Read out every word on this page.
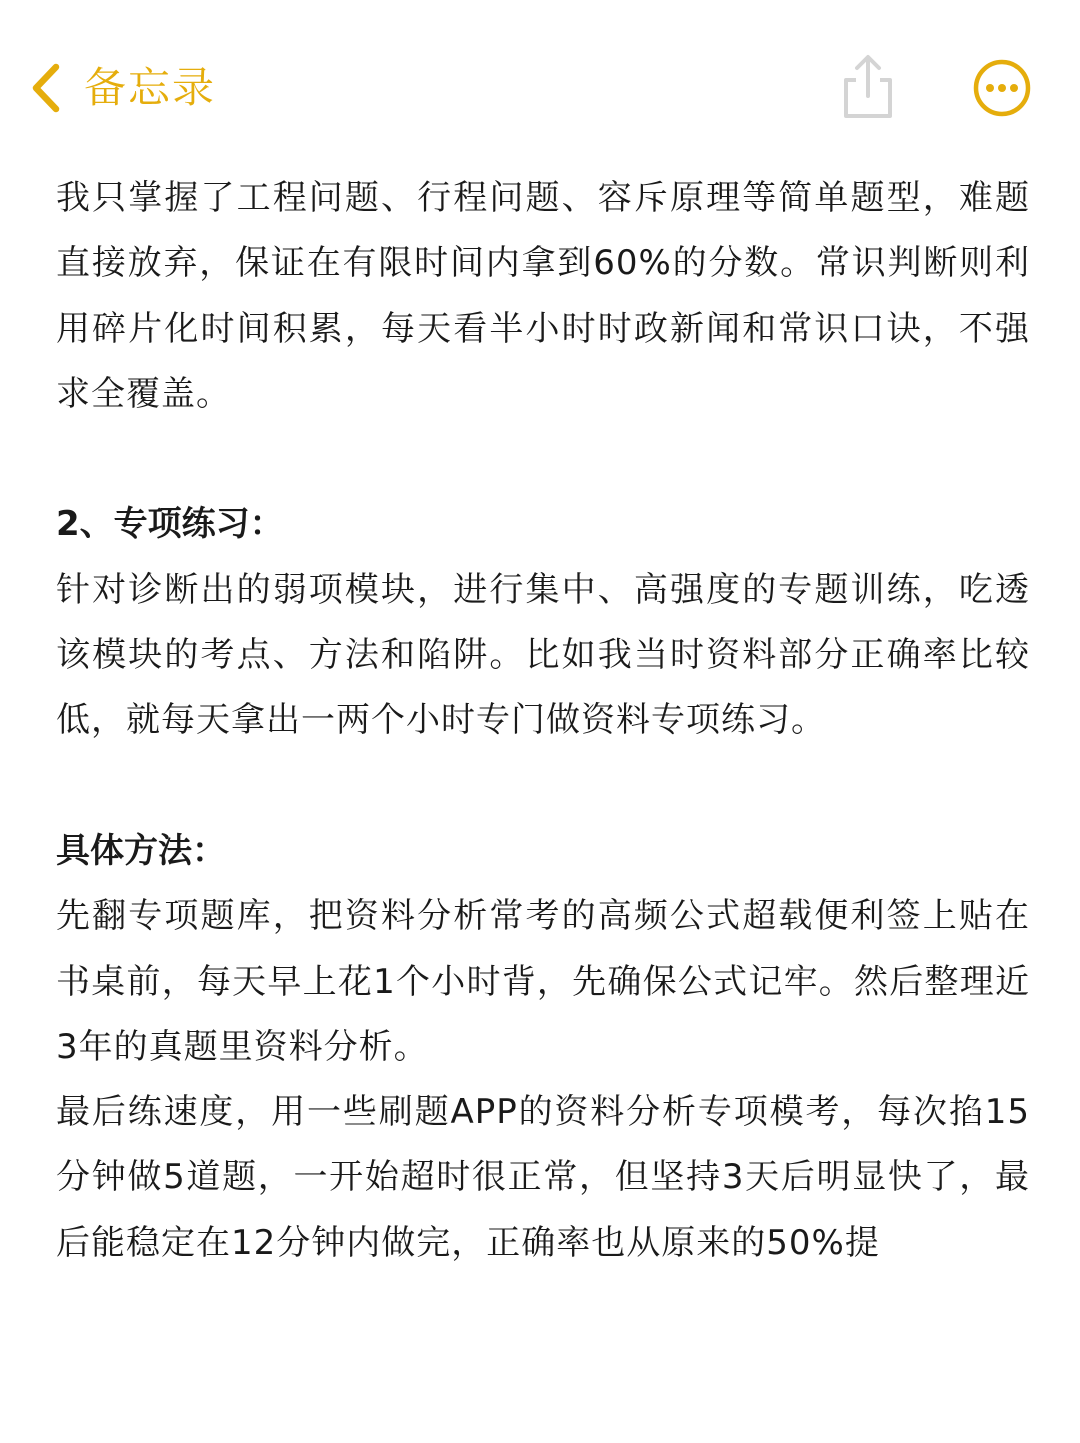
备忘录

我只掌握了工程问题、行程问题、容斥原理等简单题型，难题直接放弃，保证在有限时间内拿到60%的分数。常识判断则利用碎片化时间积累，每天看半小时时政新闻和常识口诀，不强求全覆盖。

2、专项练习：

针对诊断出的弱项模块，进行集中、高强度的专题训练，吃透该模块的考点、方法和陷阱。比如我当时资料部分正确率比较低，就每天拿出一两个小时专门做资料专项练习。

具体方法：

先翻专项题库，把资料分析常考的高频公式超载便利签上贴在书桌前，每天早上花1个小时背，先确保公式记牢。然后整理近3年的真题里资料分析。

最后练速度，用一些刷题APP的资料分析专项模考，每次掐15分钟做5道题，一开始超时很正常，但坚持3天后明显快了，最后能稳定在12分钟内做完，正确率也从原来的50%提
